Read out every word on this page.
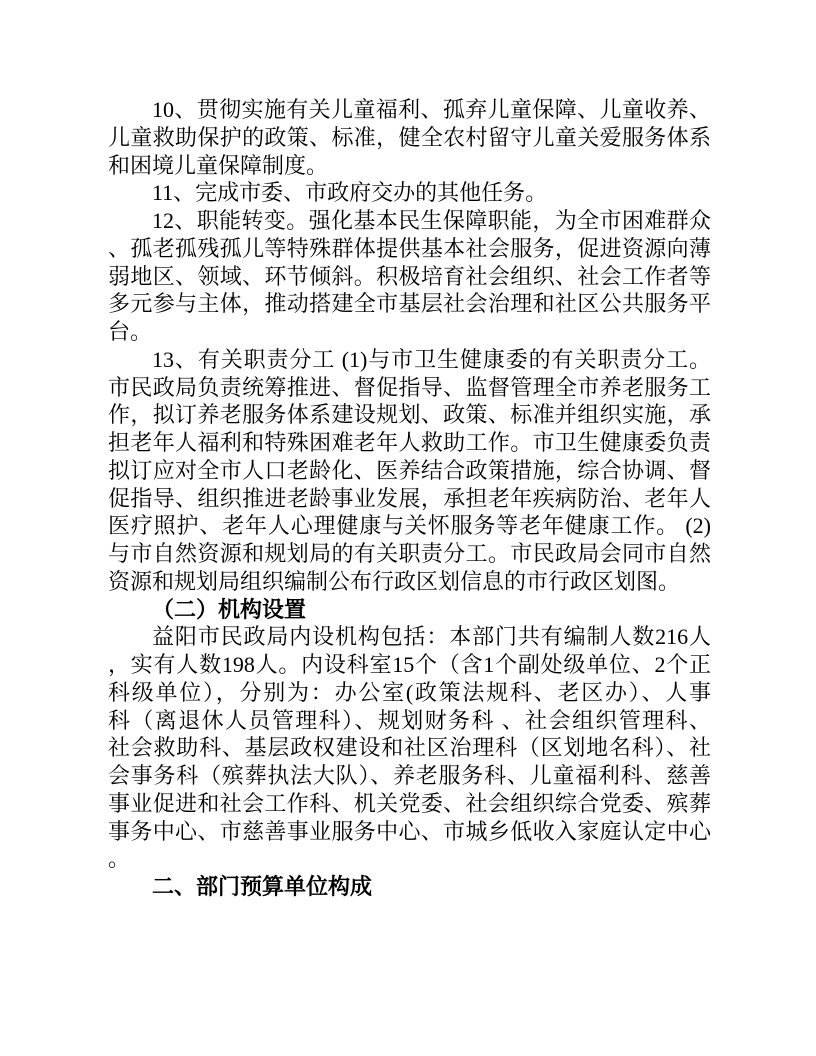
10、贯彻实施有关儿童福利、孤弃儿童保障、儿童收养、
儿童救助保护的政策、标准，健全农村留守儿童关爱服务体系
和困境儿童保障制度。
11、完成市委、市政府交办的其他任务。
12、职能转变。强化基本民生保障职能，为全市困难群众
、孤老孤残孤儿等特殊群体提供基本社会服务，促进资源向薄
弱地区、领域、环节倾斜。积极培育社会组织、社会工作者等
多元参与主体，推动搭建全市基层社会治理和社区公共服务平
台。
13、有关职责分工 (1)与市卫生健康委的有关职责分工。
市民政局负责统筹推进、督促指导、监督管理全市养老服务工
作，拟订养老服务体系建设规划、政策、标准并组织实施，承
担老年人福利和特殊困难老年人救助工作。市卫生健康委负责
拟订应对全市人口老龄化、医养结合政策措施，综合协调、督
促指导、组织推进老龄事业发展，承担老年疾病防治、老年人
医疗照护、老年人心理健康与关怀服务等老年健康工作。 (2)
与市自然资源和规划局的有关职责分工。市民政局会同市自然
资源和规划局组织编制公布行政区划信息的市行政区划图。
（二）机构设置
益阳市民政局内设机构包括：本部门共有编制人数216人
，实有人数198人。内设科室15个（含1个副处级单位、2个正
科级单位），分别为：办公室(政策法规科、老区办）、人事
科（离退休人员管理科）、规划财务科 、社会组织管理科、
社会救助科、基层政权建设和社区治理科（区划地名科）、社
会事务科（殡葬执法大队）、养老服务科、儿童福利科、慈善
事业促进和社会工作科、机关党委、社会组织综合党委、殡葬
事务中心、市慈善事业服务中心、市城乡低收入家庭认定中心
。
二、部门预算单位构成
